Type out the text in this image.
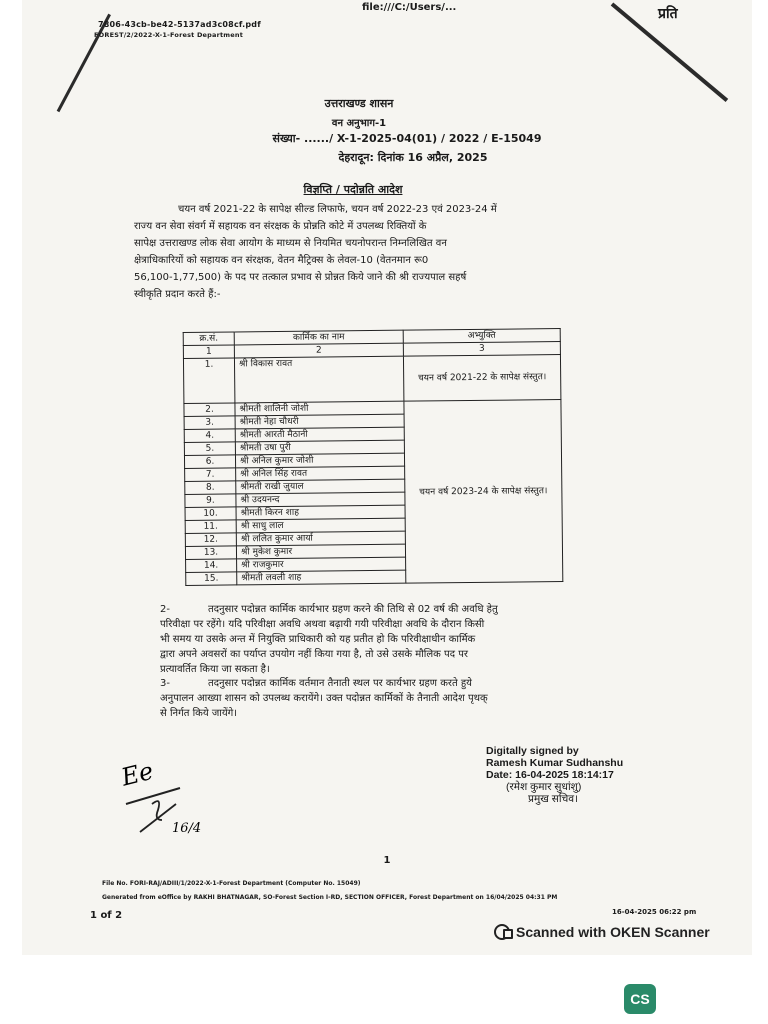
7806-43cb-be42-5137ad3c08cf.pdf
FOREST/2/2022-X-1-Forest Department
file:///C:/Users/...	प्रति
उत्तराखण्ड शासन
वन अनुभाग-1
संख्या- ....../ X-1-2025-04(01) / 2022 / E-15049
देहरादून: दिनांक 16 अप्रैल, 2025
विज्ञप्ति / पदोन्नति आदेश
चयन वर्ष 2021-22 के सापेक्ष सील्ड लिफाफे, चयन वर्ष 2022-23 एवं 2023-24 में
राज्य वन सेवा संवर्ग में सहायक वन संरक्षक के प्रोन्नति कोटे में उपलब्ध रिक्तियों के
सापेक्ष उत्तराखण्ड लोक सेवा आयोग के माध्यम से नियमित चयनोपरान्त निम्नलिखित वन
क्षेत्राधिकारियों को सहायक वन संरक्षक, वेतन मैट्रिक्स के लेवल-10 (वेतनमान रू0
56,100-1,77,500) के पद पर तत्काल प्रभाव से प्रोन्नत किये जाने की श्री राज्यपाल सहर्ष
स्वीकृति प्रदान करते हैं:-
क्र.सं.	कार्मिक का नाम	अभ्युक्ति
1	2	3
1.	श्री विकास रावत	चयन वर्ष 2021-22 के सापेक्ष संस्तुत।
2.	श्रीमती शालिनी जोशी	चयन वर्ष 2023-24 के सापेक्ष संस्तुत।
3.	श्रीमती नेहा चौधरी	
4.	श्रीमती आरती मैठानी	
5.	श्रीमती उषा पुरी	
6.	श्री अनिल कुमार जोशी	
7.	श्री अनिल सिंह रावत	
8.	श्रीमती राखी जुयाल	
9.	श्री उदयनन्द	
10.	श्रीमती किरन शाह	
11.	श्री साधु लाल	
12.	श्री ललित कुमार आर्या	
13.	श्री मुकेश कुमार	
14.	श्री राजकुमार	
15.	श्रीमती लवली शाह	
2-	तदनुसार पदोन्नत कार्मिक कार्यभार ग्रहण करने की तिथि से 02 वर्ष की अवधि हेतु
परिवीक्षा पर रहेंगे। यदि परिवीक्षा अवधि अथवा बढ़ायी गयी परिवीक्षा अवधि के दौरान किसी
भी समय या उसके अन्त में नियुक्ति प्राधिकारी को यह प्रतीत हो कि परिवीक्षाधीन कार्मिक
द्वारा अपने अवसरों का पर्याप्त उपयोग नहीं किया गया है, तो उसे उसके मौलिक पद पर
प्रत्यावर्तित किया जा सकता है।
3-	तदनुसार पदोन्नत कार्मिक वर्तमान तैनाती स्थल पर कार्यभार ग्रहण करते हुये
अनुपालन आख्या शासन को उपलब्ध करायेंगे। उक्त पदोन्नत कार्मिकों के तैनाती आदेश पृथक्
से निर्गत किये जायेंगे।
Digitally signed by
Ramesh Kumar Sudhanshu
Date: 16-04-2025 18:14:17
(रमेश कुमार सुधांशु)
प्रमुख सचिव।
Ee
16/4
1
File No. FORI-RAJ/ADIII/1/2022-X-1-Forest Department (Computer No. 15049)
Generated from eOffice by RAKHI BHATNAGAR, SO-Forest Section I-RD, SECTION OFFICER, Forest Department on 16/04/2025 04:31 PM
1 of 2	16-04-2025 06:22 pm
Scanned with OKEN Scanner
CS
